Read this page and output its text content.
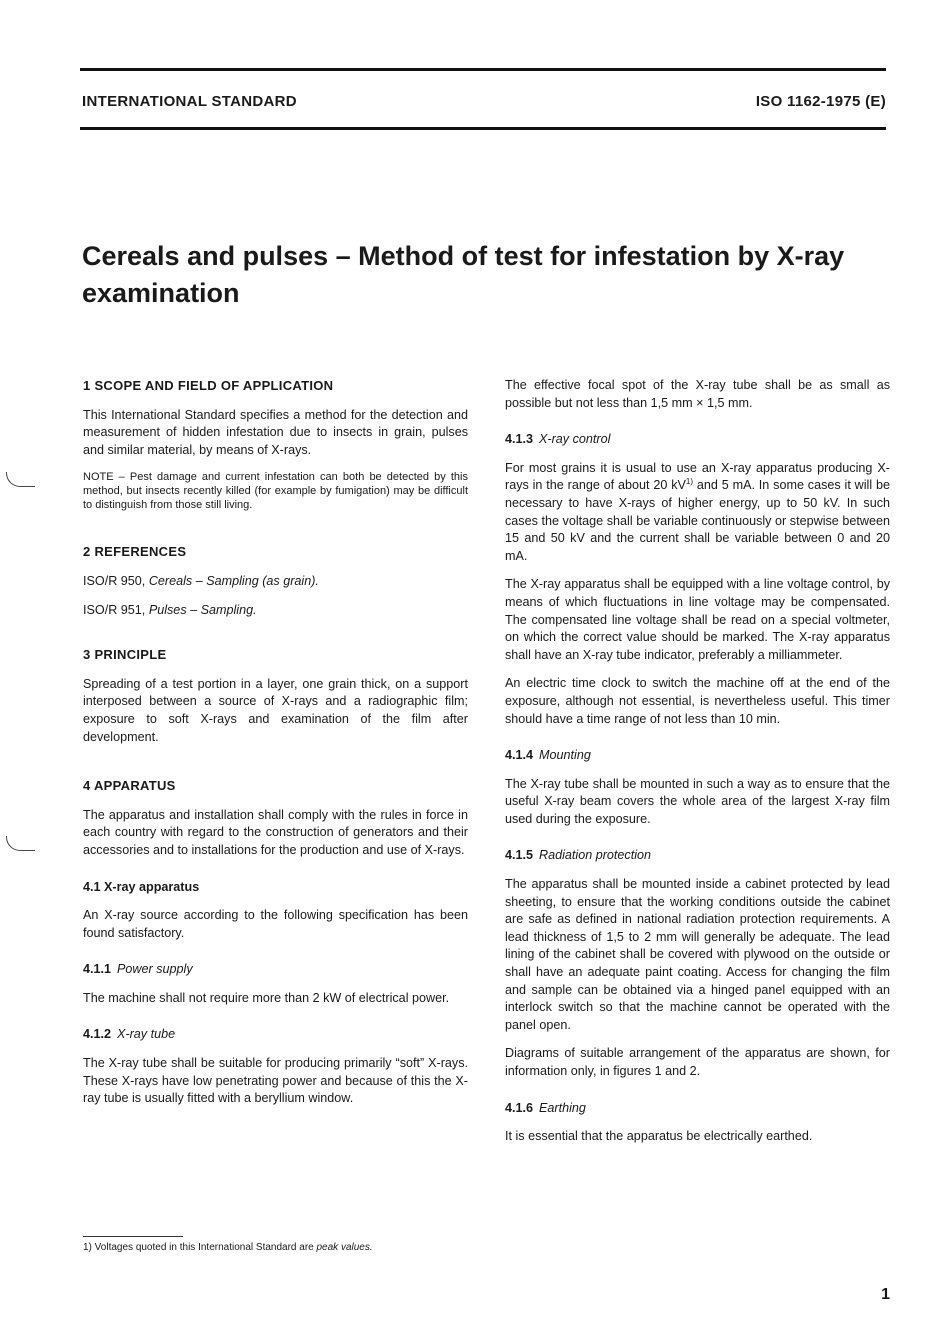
INTERNATIONAL STANDARD	ISO 1162-1975 (E)
Cereals and pulses – Method of test for infestation by X-ray examination
1 SCOPE AND FIELD OF APPLICATION

This International Standard specifies a method for the detection and measurement of hidden infestation due to insects in grain, pulses and similar material, by means of X-rays.

NOTE – Pest damage and current infestation can both be detected by this method, but insects recently killed (for example by fumigation) may be difficult to distinguish from those still living.

2 REFERENCES

ISO/R 950, Cereals – Sampling (as grain).

ISO/R 951, Pulses – Sampling.

3 PRINCIPLE

Spreading of a test portion in a layer, one grain thick, on a support interposed between a source of X-rays and a radiographic film; exposure to soft X-rays and examination of the film after development.

4 APPARATUS

The apparatus and installation shall comply with the rules in force in each country with regard to the construction of generators and their accessories and to installations for the production and use of X-rays.

4.1 X-ray apparatus

An X-ray source according to the following specification has been found satisfactory.

4.1.1 Power supply

The machine shall not require more than 2 kW of electrical power.

4.1.2 X-ray tube

The X-ray tube shall be suitable for producing primarily “soft” X-rays. These X-rays have low penetrating power and because of this the X-ray tube is usually fitted with a beryllium window.

The effective focal spot of the X-ray tube shall be as small as possible but not less than 1,5 mm × 1,5 mm.

4.1.3 X-ray control

For most grains it is usual to use an X-ray apparatus producing X-rays in the range of about 20 $kV^{1)}$ and 5 mA. In some cases it will be necessary to have X-rays of higher energy, up to 50 kV. In such cases the voltage shall be variable continuously or stepwise between 15 and 50 kV and the current shall be variable between 0 and 20 mA.

The X-ray apparatus shall be equipped with a line voltage control, by means of which fluctuations in line voltage may be compensated. The compensated line voltage shall be read on a special voltmeter, on which the correct value should be marked. The X-ray apparatus shall have an X-ray tube indicator, preferably a milliammeter.

An electric time clock to switch the machine off at the end of the exposure, although not essential, is nevertheless useful. This timer should have a time range of not less than 10 min.

4.1.4 Mounting

The X-ray tube shall be mounted in such a way as to ensure that the useful X-ray beam covers the whole area of the largest X-ray film used during the exposure.

4.1.5 Radiation protection

The apparatus shall be mounted inside a cabinet protected by lead sheeting, to ensure that the working conditions outside the cabinet are safe as defined in national radiation protection requirements. A lead thickness of 1,5 to 2 mm will generally be adequate. The lead lining of the cabinet shall be covered with plywood on the outside or shall have an adequate paint coating. Access for changing the film and sample can be obtained via a hinged panel equipped with an interlock switch so that the machine cannot be operated with the panel open.

Diagrams of suitable arrangement of the apparatus are shown, for information only, in figures 1 and 2.

4.1.6 Earthing

It is essential that the apparatus be electrically earthed.

1) Voltages quoted in this International Standard are peak values.
1
